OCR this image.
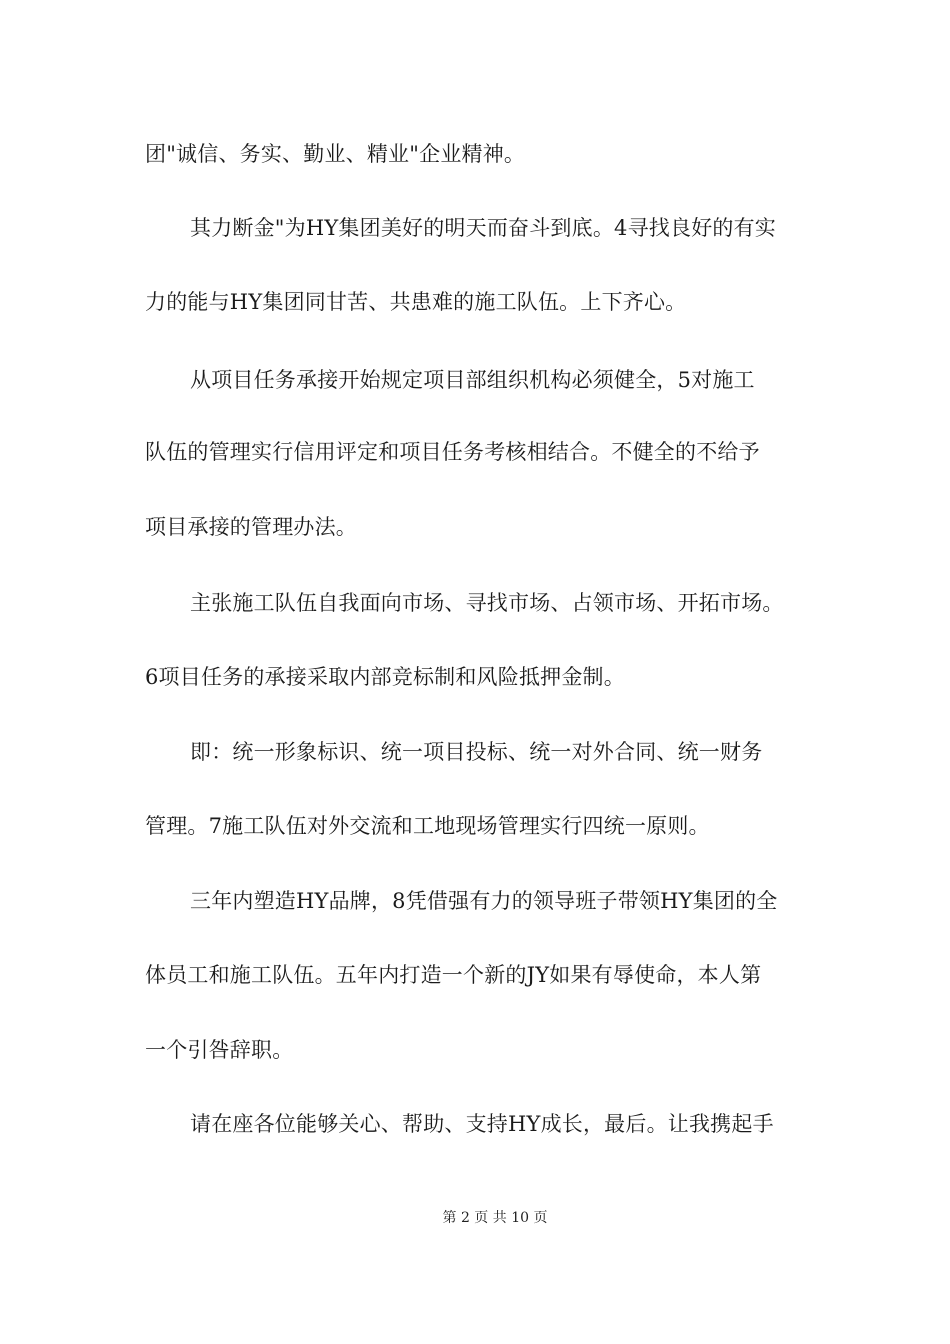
团"诚信、务实、勤业、精业"企业精神。
其力断金"为HY集团美好的明天而奋斗到底。4寻找良好的有实
力的能与HY集团同甘苦、共患难的施工队伍。上下齐心。
从项目任务承接开始规定项目部组织机构必须健全，5对施工
队伍的管理实行信用评定和项目任务考核相结合。不健全的不给予
项目承接的管理办法。
主张施工队伍自我面向市场、寻找市场、占领市场、开拓市场。
6项目任务的承接采取内部竞标制和风险抵押金制。
即：统一形象标识、统一项目投标、统一对外合同、统一财务
管理。7施工队伍对外交流和工地现场管理实行四统一原则。
三年内塑造HY品牌，8凭借强有力的领导班子带领HY集团的全
体员工和施工队伍。五年内打造一个新的JY如果有辱使命，本人第
一个引咎辞职。
请在座各位能够关心、帮助、支持HY成长，最后。让我携起手
第 2 页 共 10 页
